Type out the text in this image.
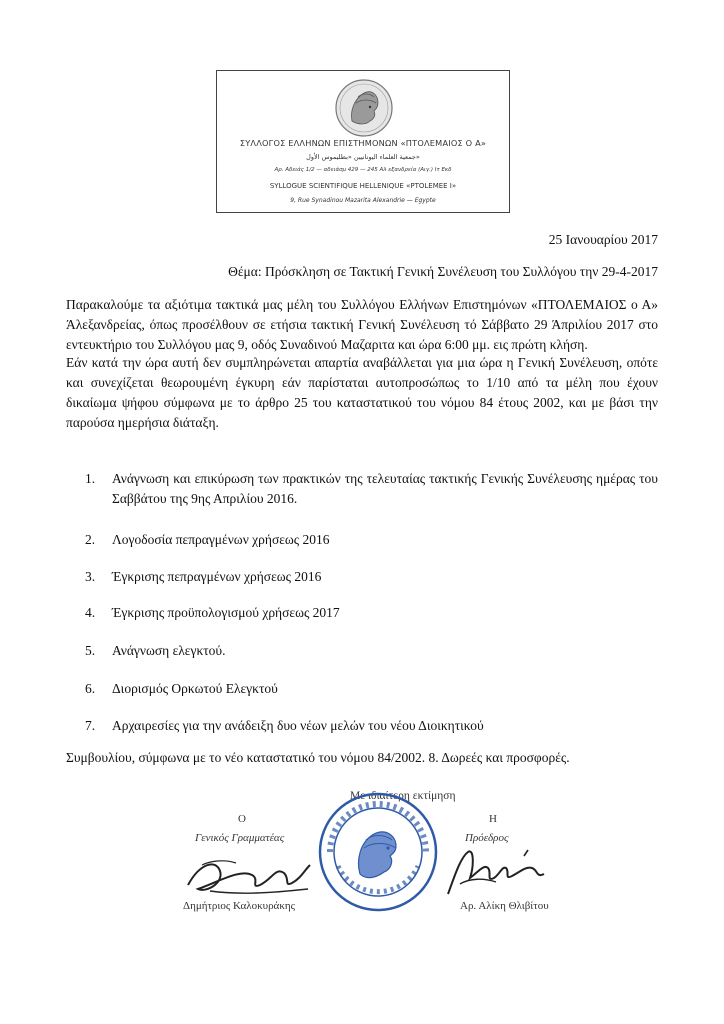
ΣΥΛΛΟΓΟΣ ΕΛΛΗΝΩΝ ΕΠΙΣΤΗΜΟΝΩΝ «ΠΤΟΛΕΜΑΙΟΣ Ο Α»
جمعية العلماء اليونانيين «بطليموس الأول»
Αρ. Αδειάς 1/2 — αδειάσμ 429 — 245 Αλ εξανδρεία (Αιγ.) Ιτ Εκδ
SYLLOGUE SCIENTIFIQUE HELLENIQUE «PTOLEMEE I»
9, Rue Synadinou Mazarita Alexandrie — Egypte
25 Ιανουαρίου 2017
Θέμα: Πρόσκληση σε Τακτική Γενική Συνέλευση του Συλλόγου την 29-4-2017

Παρακαλούμε τα αξιότιμα τακτικά μας μέλη του Συλλόγου Ελλήνων Επιστημόνων «ΠΤΟΛΕΜΑΙΟΣ ο Α» Άλεξανδρείας, όπως προσέλθουν σε ετήσια τακτική Γενική Συνέλευση τό Σάββατο 29 Άπριλίου 2017 στο εντευκτήριο του Συλλόγου μας 9, οδός Συναδινού Μαζαριτα και ώρα 6:00 μμ. εις πρώτη κλήση.

Εάν κατά την ώρα αυτή δεν συμπληρώνεται απαρτία αναβάλλεται για μια ώρα η Γενική Συνέλευση, οπότε και συνεχίζεται θεωρουμένη έγκυρη εάν παρίσταται αυτοπροσώπως το 1/10 από τα μέλη που έχουν δικαίωμα ψήφου σύμφωνα με το άρθρο 25 του καταστατικού του νόμου 84 έτους 2002, και με βάσι την παρούσα ημερήσια διάταξη.

1. Ανάγνωση και επικύρωση των πρακτικών της τελευταίας τακτικής Γενικής Συνέλευσης ημέρας του Σαββάτου της 9ης Απριλίου 2016.
2. Λογοδοσία πεπραγμένων χρήσεως 2016
3. Έγκρισης πεπραγμένων χρήσεως 2016
4. Έγκρισης προϋπολογισμού χρήσεως 2017
5. Ανάγνωση ελεγκτού.
6. Διορισμός Ορκωτού Ελεγκτού
7. Αρχαιρεσίες για την ανάδειξη δυο νέων μελών του νέου Διοικητικού

Συμβουλίου, σύμφωνα με το νέο καταστατικό του νόμου 84/2002. 8. Δωρεές και προσφορές.

Με ιδιαίτερη εκτίμηση
Ο
Γενικός Γραμματέας
Δημήτριος Καλοκυράκης
Η
Πρόεδρος
Αρ. Αλίκη Θλιβίτου
